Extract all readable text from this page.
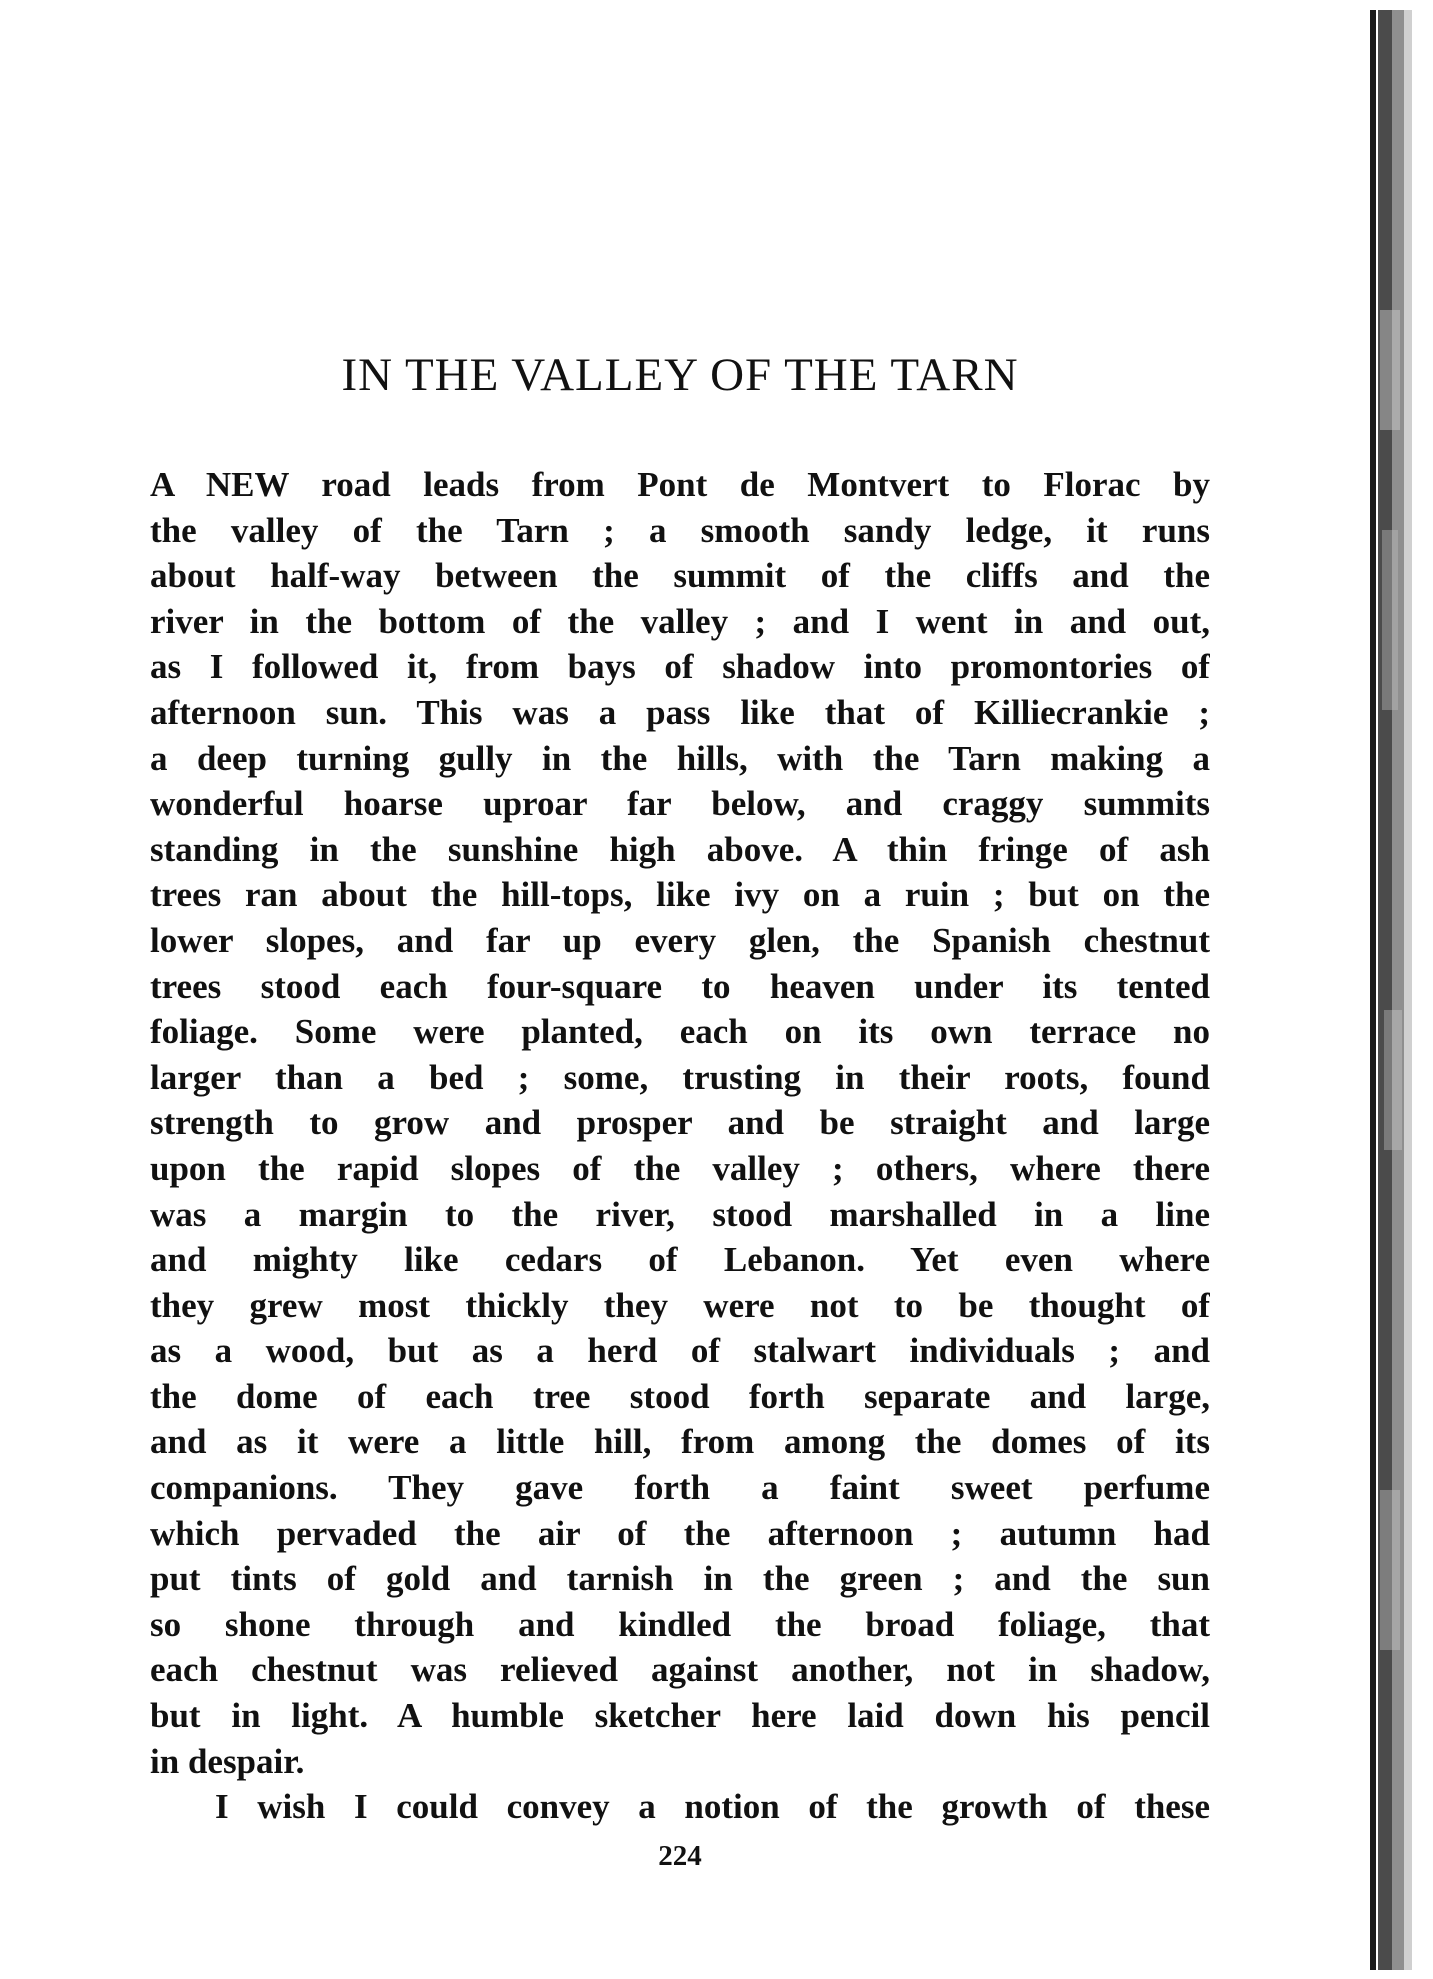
IN THE VALLEY OF THE TARN
A NEW road leads from Pont de Montvert to Florac by
the valley of the Tarn ; a smooth sandy ledge, it runs
about half-way between the summit of the cliffs and the
river in the bottom of the valley ; and I went in and out,
as I followed it, from bays of shadow into promontories of
afternoon sun. This was a pass like that of Killiecrankie ;
a deep turning gully in the hills, with the Tarn making a
wonderful hoarse uproar far below, and craggy summits
standing in the sunshine high above. A thin fringe of ash
trees ran about the hill-tops, like ivy on a ruin ; but on the
lower slopes, and far up every glen, the Spanish chestnut
trees stood each four-square to heaven under its tented
foliage. Some were planted, each on its own terrace no
larger than a bed ; some, trusting in their roots, found
strength to grow and prosper and be straight and large
upon the rapid slopes of the valley ; others, where there
was a margin to the river, stood marshalled in a line
and mighty like cedars of Lebanon. Yet even where
they grew most thickly they were not to be thought of
as a wood, but as a herd of stalwart individuals ; and
the dome of each tree stood forth separate and large,
and as it were a little hill, from among the domes of its
companions. They gave forth a faint sweet perfume
which pervaded the air of the afternoon ; autumn had
put tints of gold and tarnish in the green ; and the sun
so shone through and kindled the broad foliage, that
each chestnut was relieved against another, not in shadow,
but in light. A humble sketcher here laid down his pencil
in despair.
I wish I could convey a notion of the growth of these
224
